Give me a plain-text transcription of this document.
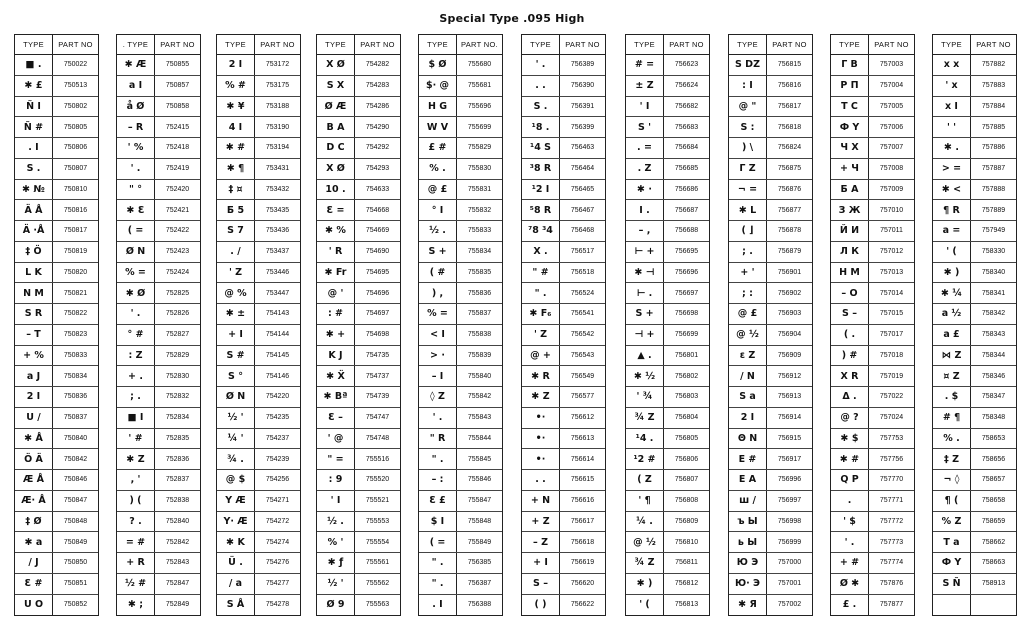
Special Type .095 High
TYPE	PART NO
■ .	750022
✱ £	750513
Ñ I	750802
Ñ #	750805
. I	750806
S .	750807
✱ №	750810
Ä Å	750816
Ä ·Å	750817
‡ Ö	750819
L K	750820
N M	750821
S R	750822
– T	750823
+ %	750833
a J	750834
2 I	750836
U /	750837
✱ Å	750840
Ö Ä	750842
Æ Å	750846
Æ· Å	750847
‡ Ø	750848
✱ a	750849
/ J	750850
Ɛ #	750851
U O	750852
. TYPE	PART NO
✱ Æ	750855
a I	750857
å Ø	750858
– R	752415
' %	752418
' .	752419
" °	752420
✱ Ɛ	752421
( =	752422
Ø N	752423
% =	752424
✱ Ø	752825
' .	752826
° #	752827
: Z	752829
+ .	752830
; .	752832
■ I	752834
' #	752835
✱ Z	752836
, '	752837
) (	752838
? .	752840
= #	752842
+ R	752843
½ #	752847
✱ ;	752849
TYPE	PART NO
2 I	753172
% #	753175
✱ ¥	753188
4 I	753190
✱ #	753194
✱ ¶	753431
‡ ¤	753432
Б 5	753435
S 7	753436
. /	753437
' Z	753446
@ %	753447
✱ ±	754143
+ I	754144
S #	754145
S °	754146
Ø N	754220
½ '	754235
¼ '	754237
¾ .	754239
@ $	754256
Y Æ	754271
Y· Æ	754272
✱ K	754274
Ü .	754276
/ a	754277
S Å	754278
TYPE	PART NO
X Ø	754282
S X	754283
Ø Æ	754286
B A	754290
D C	754292
X Ø	754293
10 .	754633
Ɛ =	754668
✱ %	754669
' R	754690
✱ Fr	754695
@ '	754696
: #	754697
✱ +	754698
K J	754735
✱ Ẍ	754737
✱ Bª	754739
Ɛ –	754747
' @	754748
" =	755516
: 9	755520
' I	755521
½ .	755553
% '	755554
✱ ƒ	755561
½ '	755562
Ø 9	755563
TYPE	PART NO.
$ Ø	755680
$· @	755681
H G	755696
W V	755699
£ #	755829
% .	755830
@ £	755831
° I	755832
½ .	755833
S +	755834
( #	755835
) ,	755836
% =	755837
< I	755838
> ·	755839
– I	755840
◊ Z	755842
' .	755843
" R	755844
" .	755845
– :	755846
Ɛ £	755847
$ I	755848
( =	755849
" .	756385
" .	756387
. I	756388
TYPE	PART NO
' .	756389
. .	756390
S .	756391
¹8 .	756399
¹4 S	756463
³8 R	756464
¹2 I	756465
⁵8 R	756467
⁷8 ³4	756468
X .	756517
" #	756518
" .	756524
✱ F₆	756541
' Z	756542
@ +	756543
✱ R	756549
✱ Z	756577
•·	756612
•·	756613
•·	756614
. .	756615
+ N	756616
+ Z	756617
– Z	756618
+ I	756619
S –	756620
( )	756622
TYPE	PART NO
# =	756623
± Z	756624
' I	756682
S '	756683
. =	756684
. Z	756685
✱ ·	756686
I .	756687
– ,	756688
⊢ +	756695
✱ ⊣	756696
⊢ .	756697
S +	756698
⊣ +	756699
▲ .	756801
✱ ½	756802
' ¾	756803
¾ Z	756804
¹4 .	756805
¹2 #	756806
( Z	756807
' ¶	756808
¼ .	756809
@ ½	756810
¾ Z	756811
✱ )	756812
' (	756813
TYPE	PART NO
S DZ	756815
: I	756816
@ "	756817
S :	756818
) \	756824
Г Z	756875
¬ =	756876
✱ L	756877
( ⌋	756878
; .	756879
+ '	756901
; :	756902
@ £	756903
@ ½	756904
ɛ Z	756909
/ N	756912
S a	756913
2 I	756914
Θ N	756915
E #	756917
E A	756996
ш /	756997
ъ Ы	756998
ь Ы	756999
Ю Э	757000
Ю· Э	757001
✱ Я	757002
TYPE	PART NO
Г В	757003
Р П	757004
Т С	757005
Ф Y	757006
Ч Х	757007
+ Ч	757008
Б А	757009
З Ж	757010
Й И	757011
Л К	757012
Н М	757013
– О	757014
S –	757015
( .	757017
) #	757018
X R	757019
Δ .	757022
@ ?	757024
✱ $	757753
✱ #	757756
Q P	757770
.	757771
' $	757772
' .	757773
+ #	757774
Ø ✱	757876
£ .	757877
TYPE	PART NO
x x	757882
' x	757883
x I	757884
' '	757885
✱ .	757886
> =	757887
✱ <	757888
¶ R	757889
a =	757949
' (	758330
✱ )	758340
✱ ¼	758341
a ½	758342
a £	758343
⋈ Z	758344
¤ Z	758346
. $	758347
# ¶	758348
% .	758653
‡ Z	758656
¬ ◊	758657
¶ (	758658
% Z	758659
T a	758662
Ф Y	758663
S Ñ	758913
